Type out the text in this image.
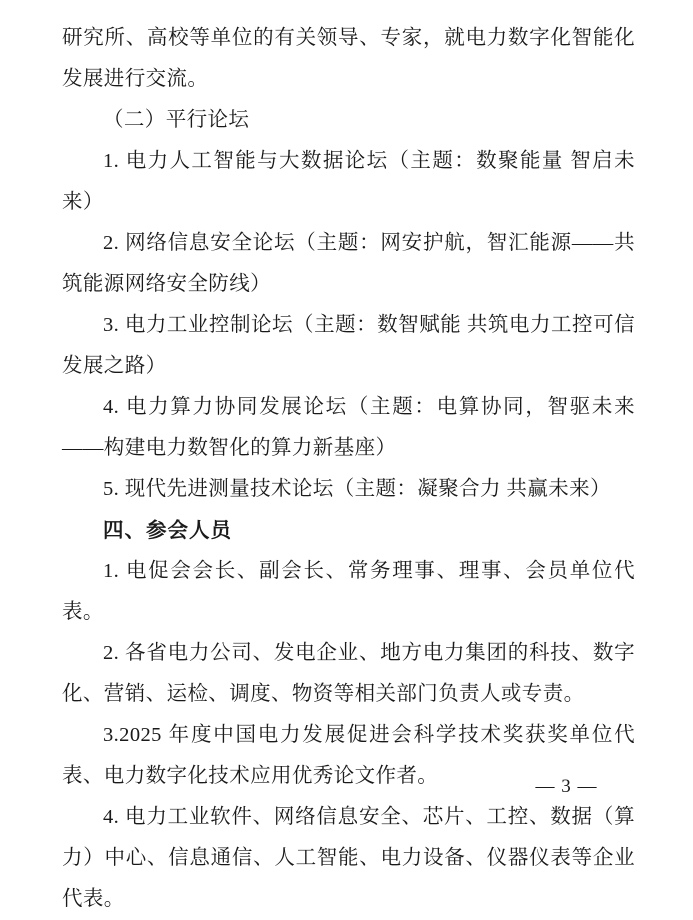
研究所、高校等单位的有关领导、专家，就电力数字化智能化发展进行交流。

（二）平行论坛

1. 电力人工智能与大数据论坛（主题：数聚能量 智启未来）

2. 网络信息安全论坛（主题：网安护航，智汇能源——共筑能源网络安全防线）

3. 电力工业控制论坛（主题：数智赋能 共筑电力工控可信发展之路）

4. 电力算力协同发展论坛（主题：电算协同，智驱未来——构建电力数智化的算力新基座）

5. 现代先进测量技术论坛（主题：凝聚合力 共赢未来）

四、参会人员

1. 电促会会长、副会长、常务理事、理事、会员单位代表。

2. 各省电力公司、发电企业、地方电力集团的科技、数字化、营销、运检、调度、物资等相关部门负责人或专责。

3.2025 年度中国电力发展促进会科学技术奖获奖单位代表、电力数字化技术应用优秀论文作者。

4. 电力工业软件、网络信息安全、芯片、工控、数据（算力）中心、信息通信、人工智能、电力设备、仪器仪表等企业代表。

— 3 —
